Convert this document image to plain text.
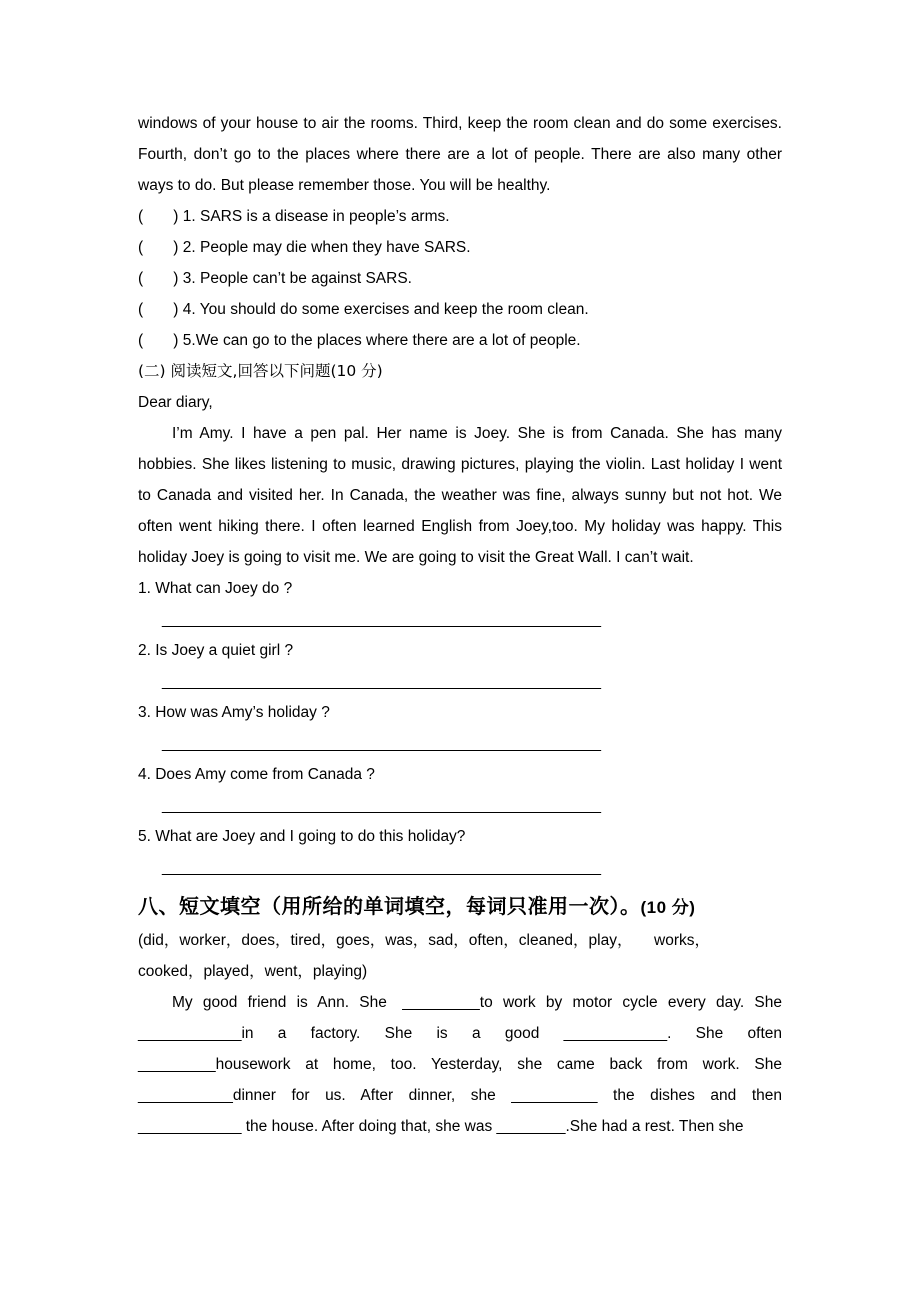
windows of your house to air the rooms. Third, keep the room clean and do some exercises. Fourth, don’t go to the places where there are a lot of people. There are also many other ways to do. But please remember those. You will be healthy.

(       ) 1. SARS is a disease in people’s arms.

(       ) 2. People may die when they have SARS.

(       ) 3. People can’t be against SARS.

(       ) 4. You should do some exercises and keep the room clean.

(       ) 5.We can go to the places where there are a lot of people.

(二) 阅读短文,回答以下问题(10 分)

Dear diary,

I’m Amy. I have a pen pal. Her name is Joey. She is from Canada. She has many hobbies. She likes listening to music, drawing pictures, playing the violin. Last holiday I went to Canada and visited her. In Canada, the weather was fine, always sunny but not hot. We often went hiking there. I often learned English from Joey,too. My holiday was happy. This holiday Joey is going to visit me. We are going to visit the Great Wall. I can’t wait.

1. What can Joey do ?

______________________________________________________

2. Is Joey a quiet girl ?

______________________________________________________

3. How was Amy’s holiday ?

______________________________________________________

4. Does Amy come from Canada ?

______________________________________________________

5. What are Joey and I going to do this holiday?

______________________________________________________

八、短文填空（用所给的单词填空，每词只准用一次）。(10 分)

(did，worker，does，tired，goes，was，sad，often，cleaned，play，     works，

cooked，played，went，playing)

My  good  friend  is  Ann.  She   _________to  work  by  motor  cycle  every  day.  She

____________in   a   factory.   She   is   a   good   ____________.   She   often

_________housework  at  home,  too.  Yesterday,  she  came  back  from  work.  She

___________dinner  for  us.  After  dinner,  she  __________  the  dishes  and  then

____________ the house. After doing that, she was ________.She had a rest. Then she
